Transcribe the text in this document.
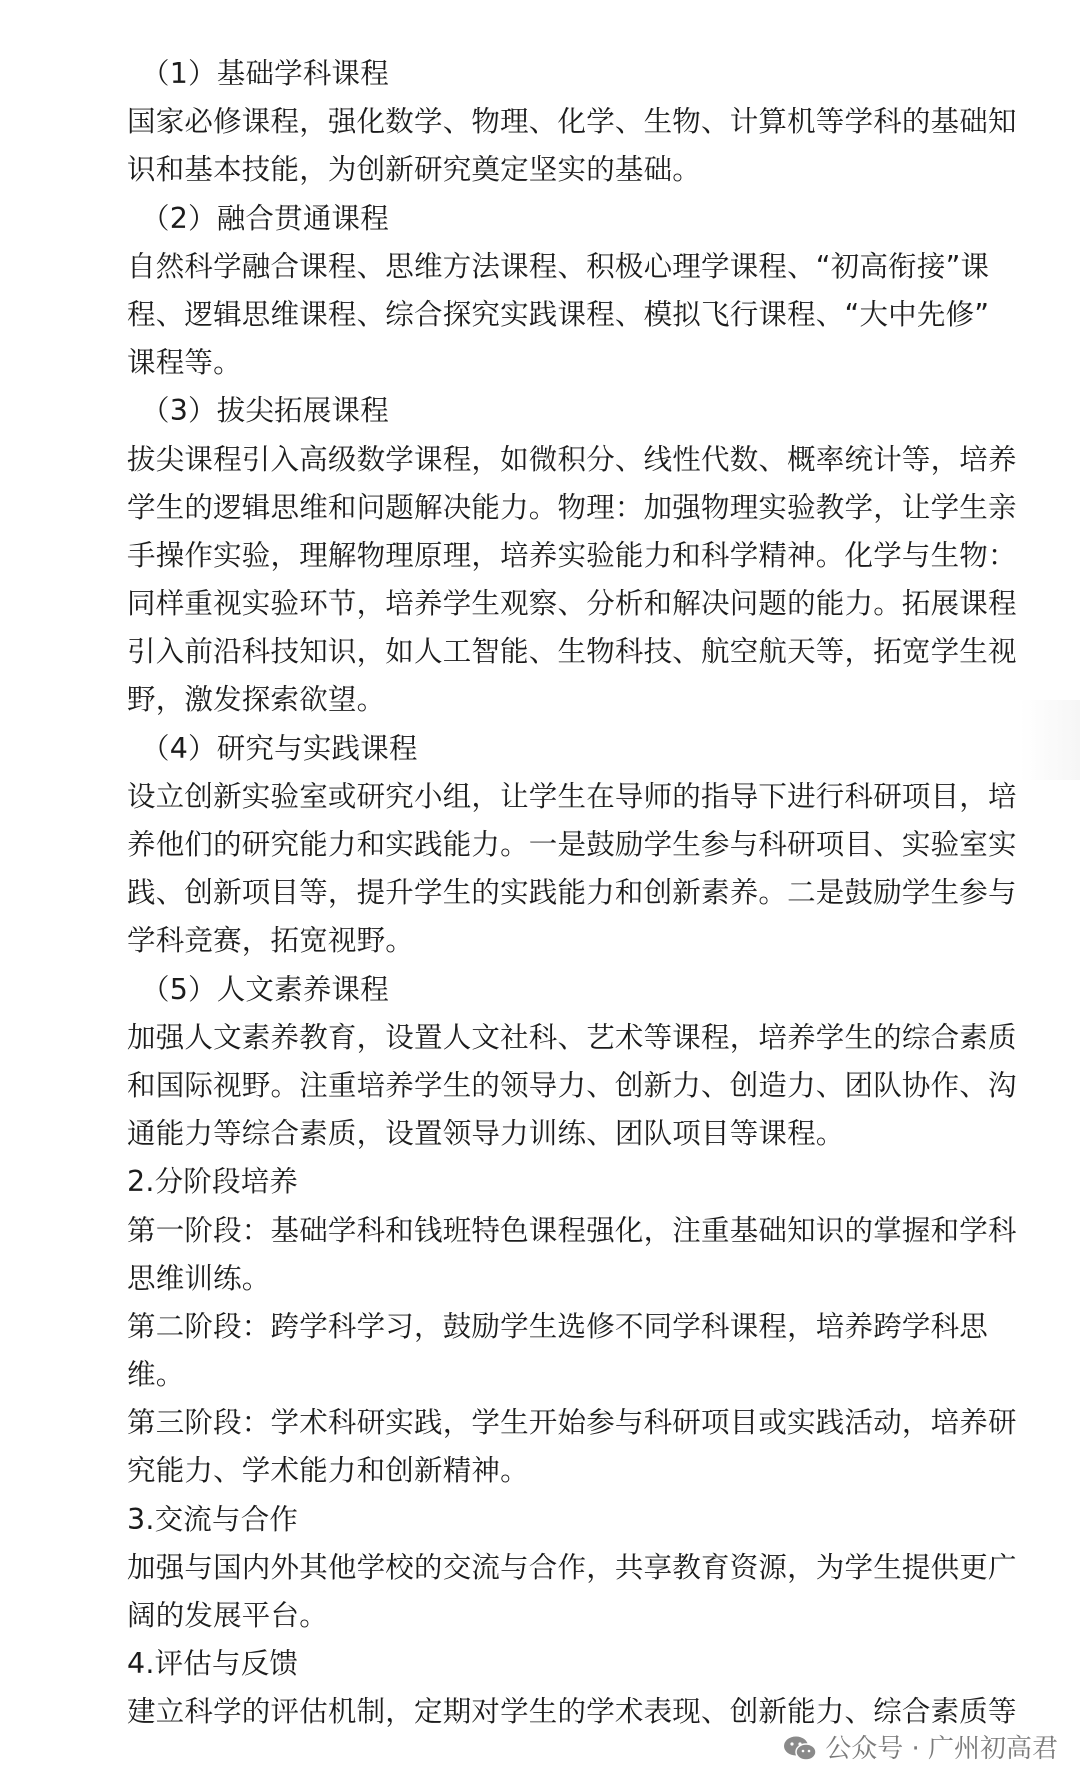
（1）基础学科课程
国家必修课程，强化数学、物理、化学、生物、计算机等学科的基础知
识和基本技能，为创新研究奠定坚实的基础。
（2）融合贯通课程
自然科学融合课程、思维方法课程、积极心理学课程、“初高衔接”课
程、逻辑思维课程、综合探究实践课程、模拟飞行课程、“大中先修”
课程等。
（3）拔尖拓展课程
拔尖课程引入高级数学课程，如微积分、线性代数、概率统计等，培养
学生的逻辑思维和问题解决能力。物理：加强物理实验教学，让学生亲
手操作实验，理解物理原理，培养实验能力和科学精神。化学与生物：
同样重视实验环节，培养学生观察、分析和解决问题的能力。拓展课程
引入前沿科技知识，如人工智能、生物科技、航空航天等，拓宽学生视
野，激发探索欲望。
（4）研究与实践课程
设立创新实验室或研究小组，让学生在导师的指导下进行科研项目，培
养他们的研究能力和实践能力。一是鼓励学生参与科研项目、实验室实
践、创新项目等，提升学生的实践能力和创新素养。二是鼓励学生参与
学科竞赛，拓宽视野。
（5）人文素养课程
加强人文素养教育，设置人文社科、艺术等课程，培养学生的综合素质
和国际视野。注重培养学生的领导力、创新力、创造力、团队协作、沟
通能力等综合素质，设置领导力训练、团队项目等课程。
2.分阶段培养
第一阶段：基础学科和钱班特色课程强化，注重基础知识的掌握和学科
思维训练。
第二阶段：跨学科学习，鼓励学生选修不同学科课程，培养跨学科思
维。
第三阶段：学术科研实践，学生开始参与科研项目或实践活动，培养研
究能力、学术能力和创新精神。
3.交流与合作
加强与国内外其他学校的交流与合作，共享教育资源，为学生提供更广
阔的发展平台。
4.评估与反馈
建立科学的评估机制，定期对学生的学术表现、创新能力、综合素质等
公众号 · 广州初高君
